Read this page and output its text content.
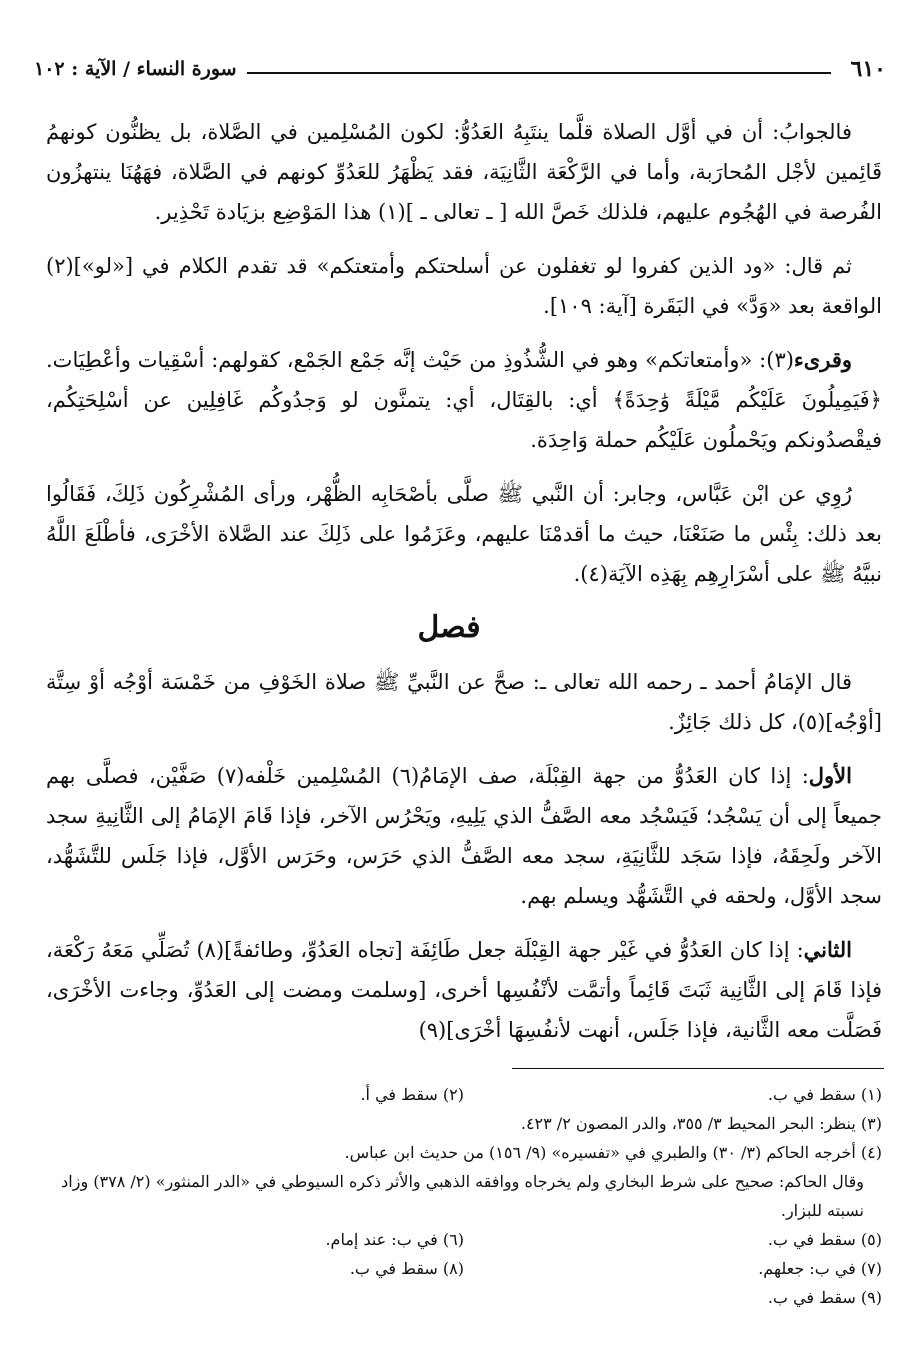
٦١٠
سورة النساء / الآية : ١٠٢

فالجوابُ: أن في أوَّل الصلاة قلَّما ينتَبِهُ العَدُوُّ: لكون المُسْلِمين في الصَّلاة، بل يظنُّون كونهمُ قَائِمين لأجْل المُحارَبة، وأما في الرَّكْعَة الثَّانِيَة، فقد يَظْهَرُ للعَدُوِّ كونهم في الصَّلاة، فهَهُنَا ينتهزُون الفُرصة في الهُجُوم عليهم، فلذلك خَصَّ الله [ ـ تعالى ـ ](١) هذا المَوْضِع بزيَادة تَحْذِير.

ثم قال: «ود الذين كفروا لو تغفلون عن أسلحتكم وأمتعتكم» قد تقدم الكلام في [«لو»](٢) الواقعة بعد «وَدَّ» في البَقَرة [آية: ١٠٩].

وقرىء(٣): «وأمتعاتكم» وهو في الشُّذُوذِ من حَيْث إنَّه جَمْع الجَمْع، كقولهم: أسْقِيات وأعْطِيَات. ﴿فَيَمِيلُونَ عَلَيْكُم مَّيْلَةً وَٰحِدَةً﴾ أي: بالقِتَال، أي: يتمنَّون لو وَجدُوكُم غَافِلِين عن أسْلِحَتِكُم، فيقْصدُونكم ويَحْملُون عَلَيْكُم حملة وَاحِدَة.

رُوِي عن ابْن عَبَّاس، وجابر: أن النَّبي ﷺ صلَّى بأصْحَابِه الظُّهْر، ورأى المُشْرِكُون ذَلِكَ، فَقَالُوا بعد ذلك: بِئْس ما صَنَعْنَا، حيث ما أقدمْنَا عليهم، وعَزَمُوا على ذَلِكَ عند الصَّلاة الأخْرَى، فأطْلَعَ اللَّهُ نبيَّهُ ﷺ على أسْرَارِهِم بِهَذِه الآيَة(٤).

فصل

قال الإمَامُ أحمد ـ رحمه الله تعالى ـ: صحَّ عن النَّبيِّ ﷺ صلاة الخَوْفِ من خَمْسَة أوْجُه أوْ سِتَّة [أوْجُه](٥)، كل ذلك جَائِزٌ.

الأول: إذا كان العَدُوُّ من جهة القِبْلَة، صف الإمَامُ(٦) المُسْلِمين خَلْفه(٧) صَفَّيْن، فصلَّى بهم جميعاً إلى أن يَسْجُد؛ فَيَسْجُد معه الصَّفُّ الذي يَلِيهِ، ويَحْرُس الآخر، فإذا قَامَ الإمَامُ إلى الثَّانِيةِ سجد الآخر ولَحِقَهُ، فإذا سَجَد للثَّانِيَةِ، سجد معه الصَّفُّ الذي حَرَس، وحَرَس الأوَّل، فإذا جَلَس للتَّشَهُّد، سجد الأوَّل، ولحقه في التَّشَهُّد ويسلم بهم.

الثاني: إذا كان العَدُوُّ في غَيْر جهة القِبْلَة جعل طَائِفَة [تجاه العَدُوِّ، وطائفةً](٨) تُصَلِّي مَعَهُ رَكْعَة، فإذا قَامَ إلى الثَّانِية ثَبَتَ قَائِماً وأتمَّت لأنْفُسِها أخرى، [وسلمت ومضت إلى العَدُوِّ، وجاءت الأخْرَى، فَصَلَّت معه الثَّانية، فإذا جَلَس، أنهت لأنفُسِهَا أخْرَى](٩)

(١) سقط في ب.
(٢) سقط في أ.
(٣) ينظر: البحر المحيط ٣/ ٣٥٥، والدر المصون ٢/ ٤٢٣.
(٤) أخرجه الحاكم (٣/ ٣٠) والطبري في «تفسيره» (٩/ ١٥٦) من حديث ابن عباس.
وقال الحاكم: صحيح على شرط البخاري ولم يخرجاه ووافقه الذهبي والأثر ذكره السيوطي في «الدر المنثور» (٢/ ٣٧٨) وزاد نسبته للبزار.
(٥) سقط في ب.
(٦) في ب: عند إمام.
(٧) في ب: جعلهم.
(٨) سقط في ب.
(٩) سقط في ب.
